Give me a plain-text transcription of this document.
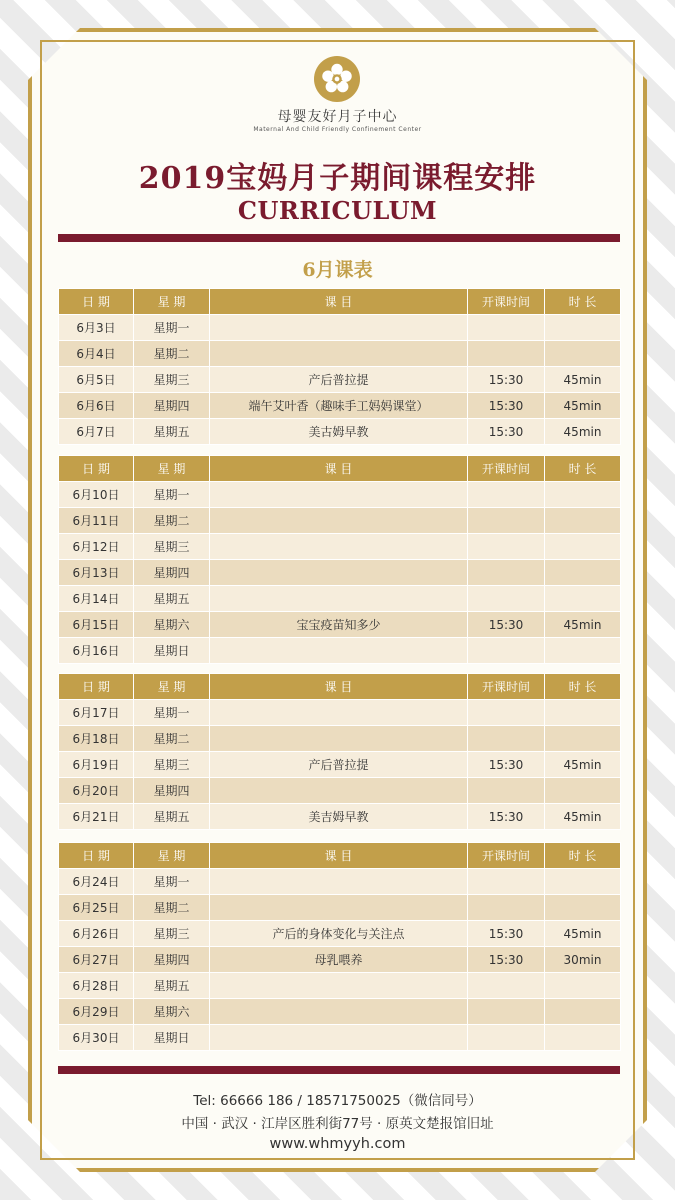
母婴友好月子中心
Maternal And Child Friendly Confinement Center
2019宝妈月子期间课程安排
CURRICULUM
6月课表
日 期	星 期	课 目	开课时间	时 长
6月3日	星期一			
6月4日	星期二			
6月5日	星期三	产后普拉提	15:30	45min
6月6日	星期四	端午艾叶香（趣味手工妈妈课堂）	15:30	45min
6月7日	星期五	美古姆早教	15:30	45min
日 期	星 期	课 目	开课时间	时 长
6月10日	星期一			
6月11日	星期二			
6月12日	星期三			
6月13日	星期四			
6月14日	星期五			
6月15日	星期六	宝宝疫苗知多少	15:30	45min
6月16日	星期日			
日 期	星 期	课 目	开课时间	时 长
6月17日	星期一			
6月18日	星期二			
6月19日	星期三	产后普拉提	15:30	45min
6月20日	星期四			
6月21日	星期五	美吉姆早教	15:30	45min
日 期	星 期	课 目	开课时间	时 长
6月24日	星期一			
6月25日	星期二			
6月26日	星期三	产后的身体变化与关注点	15:30	45min
6月27日	星期四	母乳喂养	15:30	30min
6月28日	星期五			
6月29日	星期六			
6月30日	星期日			
Tel: 66666 186 / 18571750025（微信同号）
中国 · 武汉 · 江岸区胜利街77号 · 原英文楚报馆旧址
www.whmyyh.com
